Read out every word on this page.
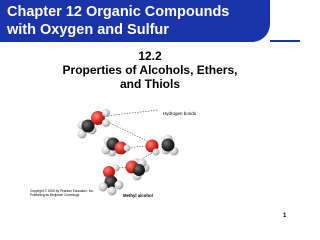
Chapter 12 Organic Compounds
with Oxygen and Sulfur
12.2
Properties of Alcohols, Ethers,
and Thiols
Hydrogen bonds
Copyright © 2005 by Pearson Education, Inc.
Publishing as Benjamin Cummings	Methyl alcohol
1
